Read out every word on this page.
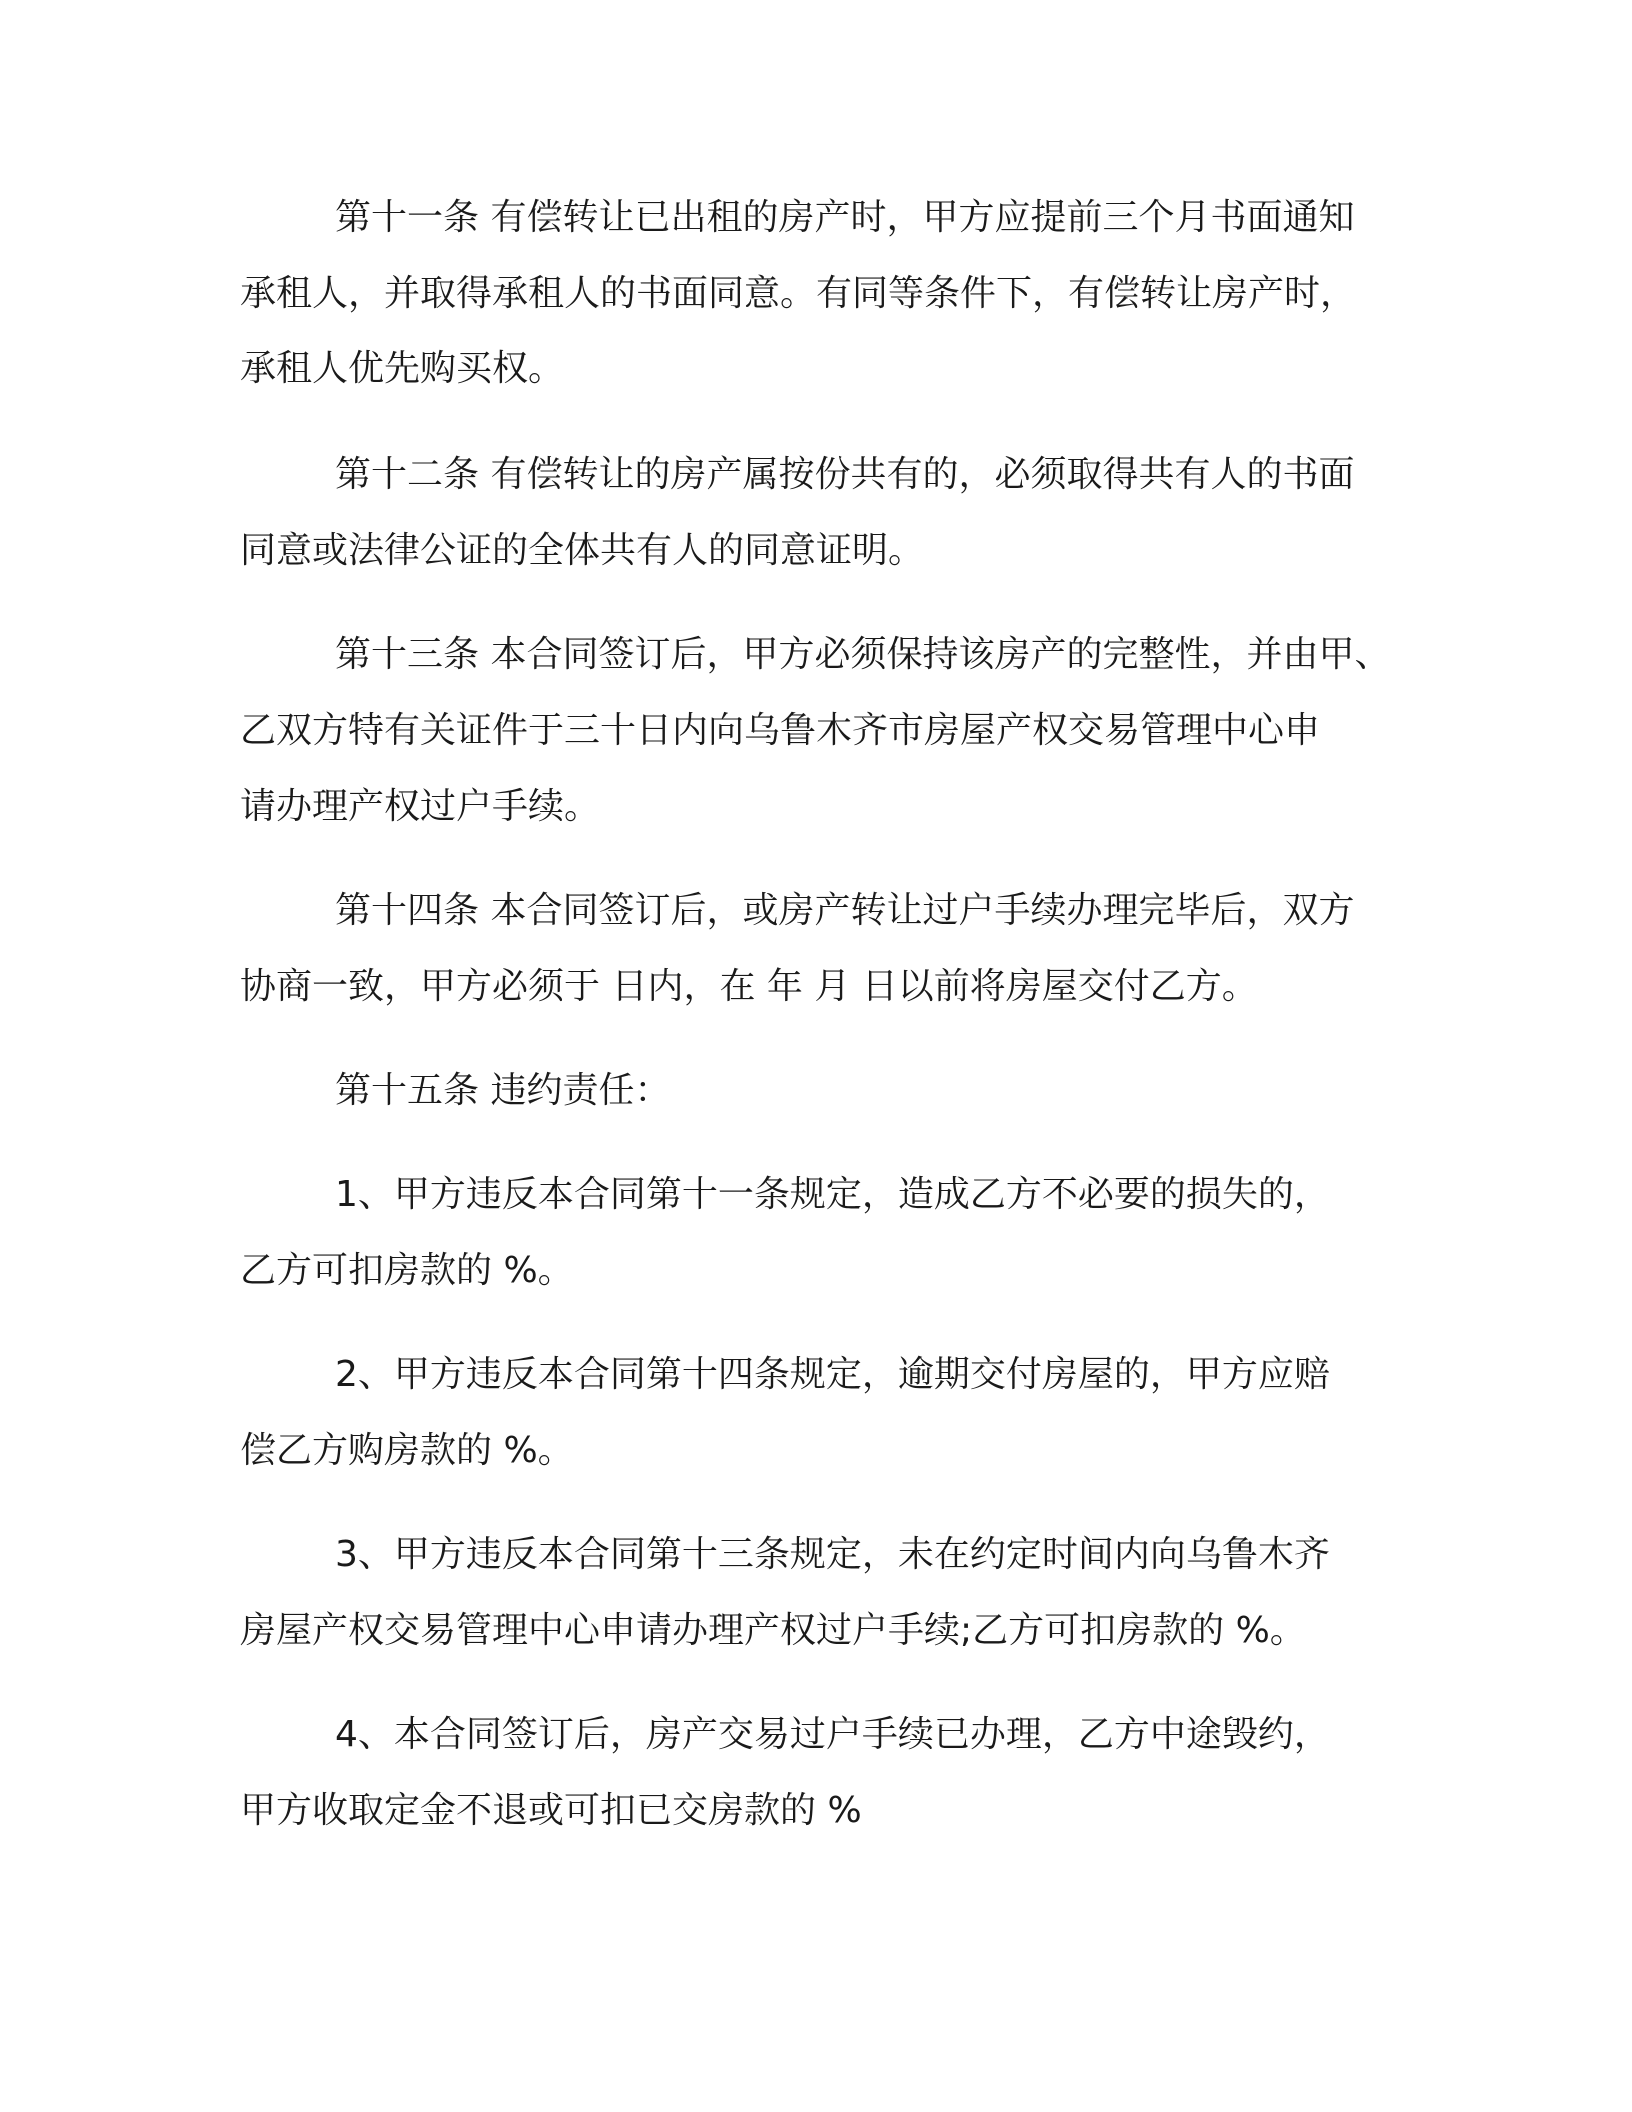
第十一条 有偿转让已出租的房产时，甲方应提前三个月书面通知
承租人，并取得承租人的书面同意。有同等条件下，有偿转让房产时，
承租人优先购买权。
第十二条 有偿转让的房产属按份共有的，必须取得共有人的书面
同意或法律公证的全体共有人的同意证明。
第十三条 本合同签订后，甲方必须保持该房产的完整性，并由甲、
乙双方特有关证件于三十日内向乌鲁木齐市房屋产权交易管理中心申
请办理产权过户手续。
第十四条 本合同签订后，或房产转让过户手续办理完毕后，双方
协商一致，甲方必须于 日内，在 年 月 日以前将房屋交付乙方。
第十五条 违约责任：
1、甲方违反本合同第十一条规定，造成乙方不必要的损失的，
乙方可扣房款的 %。
2、甲方违反本合同第十四条规定，逾期交付房屋的，甲方应赔
偿乙方购房款的 %。
3、甲方违反本合同第十三条规定，未在约定时间内向乌鲁木齐
房屋产权交易管理中心申请办理产权过户手续;乙方可扣房款的 %。
4、本合同签订后，房产交易过户手续已办理，乙方中途毁约，
甲方收取定金不退或可扣已交房款的 %
